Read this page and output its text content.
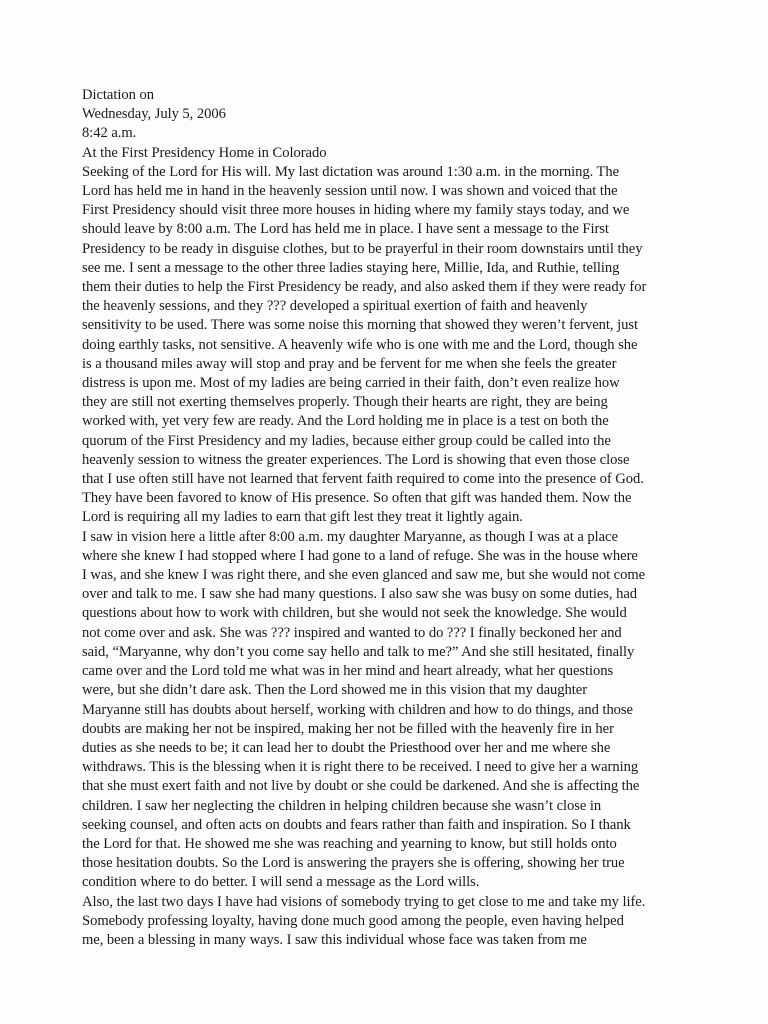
Dictation on
Wednesday, July 5, 2006
8:42 a.m.
At the First Presidency Home in Colorado
Seeking of the Lord for His will. My last dictation was around 1:30 a.m. in the morning. The
Lord has held me in hand in the heavenly session until now. I was shown and voiced that the
First Presidency should visit three more houses in hiding where my family stays today, and we
should leave by 8:00 a.m. The Lord has held me in place. I have sent a message to the First
Presidency to be ready in disguise clothes, but to be prayerful in their room downstairs until they
see me. I sent a message to the other three ladies staying here, Millie, Ida, and Ruthie, telling
them their duties to help the First Presidency be ready, and also asked them if they were ready for
the heavenly sessions, and they ??? developed a spiritual exertion of faith and heavenly
sensitivity to be used. There was some noise this morning that showed they weren’t fervent, just
doing earthly tasks, not sensitive. A heavenly wife who is one with me and the Lord, though she
is a thousand miles away will stop and pray and be fervent for me when she feels the greater
distress is upon me. Most of my ladies are being carried in their faith, don’t even realize how
they are still not exerting themselves properly. Though their hearts are right, they are being
worked with, yet very few are ready. And the Lord holding me in place is a test on both the
quorum of the First Presidency and my ladies, because either group could be called into the
heavenly session to witness the greater experiences. The Lord is showing that even those close
that I use often still have not learned that fervent faith required to come into the presence of God.
They have been favored to know of His presence. So often that gift was handed them. Now the
Lord is requiring all my ladies to earn that gift lest they treat it lightly again.
I saw in vision here a little after 8:00 a.m. my daughter Maryanne, as though I was at a place
where she knew I had stopped where I had gone to a land of refuge. She was in the house where
I was, and she knew I was right there, and she even glanced and saw me, but she would not come
over and talk to me. I saw she had many questions. I also saw she was busy on some duties, had
questions about how to work with children, but she would not seek the knowledge. She would
not come over and ask. She was ??? inspired and wanted to do ??? I finally beckoned her and
said, “Maryanne, why don’t you come say hello and talk to me?” And she still hesitated, finally
came over and the Lord told me what was in her mind and heart already, what her questions
were, but she didn’t dare ask. Then the Lord showed me in this vision that my daughter
Maryanne still has doubts about herself, working with children and how to do things, and those
doubts are making her not be inspired, making her not be filled with the heavenly fire in her
duties as she needs to be; it can lead her to doubt the Priesthood over her and me where she
withdraws. This is the blessing when it is right there to be received. I need to give her a warning
that she must exert faith and not live by doubt or she could be darkened. And she is affecting the
children. I saw her neglecting the children in helping children because she wasn’t close in
seeking counsel, and often acts on doubts and fears rather than faith and inspiration. So I thank
the Lord for that. He showed me she was reaching and yearning to know, but still holds onto
those hesitation doubts. So the Lord is answering the prayers she is offering, showing her true
condition where to do better. I will send a message as the Lord wills.
Also, the last two days I have had visions of somebody trying to get close to me and take my life.
Somebody professing loyalty, having done much good among the people, even having helped
me, been a blessing in many ways. I saw this individual whose face was taken from me
